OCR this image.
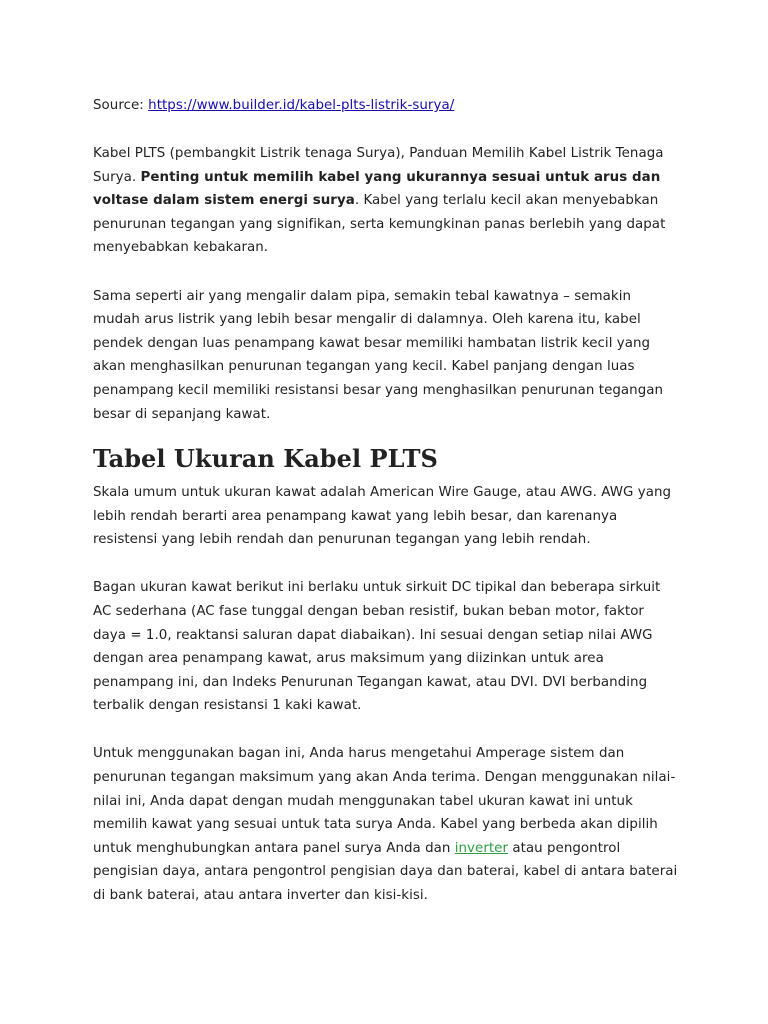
Source: https://www.builder.id/kabel-plts-listrik-surya/

Kabel PLTS (pembangkit Listrik tenaga Surya), Panduan Memilih Kabel Listrik Tenaga Surya. Penting untuk memilih kabel yang ukurannya sesuai untuk arus dan voltase dalam sistem energi surya. Kabel yang terlalu kecil akan menyebabkan penurunan tegangan yang signifikan, serta kemungkinan panas berlebih yang dapat menyebabkan kebakaran.

Sama seperti air yang mengalir dalam pipa, semakin tebal kawatnya – semakin mudah arus listrik yang lebih besar mengalir di dalamnya. Oleh karena itu, kabel pendek dengan luas penampang kawat besar memiliki hambatan listrik kecil yang akan menghasilkan penurunan tegangan yang kecil. Kabel panjang dengan luas penampang kecil memiliki resistansi besar yang menghasilkan penurunan tegangan besar di sepanjang kawat.

Tabel Ukuran Kabel PLTS

Skala umum untuk ukuran kawat adalah American Wire Gauge, atau AWG. AWG yang lebih rendah berarti area penampang kawat yang lebih besar, dan karenanya resistensi yang lebih rendah dan penurunan tegangan yang lebih rendah.

Bagan ukuran kawat berikut ini berlaku untuk sirkuit DC tipikal dan beberapa sirkuit AC sederhana (AC fase tunggal dengan beban resistif, bukan beban motor, faktor daya = 1.0, reaktansi saluran dapat diabaikan). Ini sesuai dengan setiap nilai AWG dengan area penampang kawat, arus maksimum yang diizinkan untuk area penampang ini, dan Indeks Penurunan Tegangan kawat, atau DVI. DVI berbanding terbalik dengan resistansi 1 kaki kawat.

Untuk menggunakan bagan ini, Anda harus mengetahui Amperage sistem dan penurunan tegangan maksimum yang akan Anda terima. Dengan menggunakan nilai-nilai ini, Anda dapat dengan mudah menggunakan tabel ukuran kawat ini untuk memilih kawat yang sesuai untuk tata surya Anda. Kabel yang berbeda akan dipilih untuk menghubungkan antara panel surya Anda dan inverter atau pengontrol pengisian daya, antara pengontrol pengisian daya dan baterai, kabel di antara baterai di bank baterai, atau antara inverter dan kisi-kisi.
